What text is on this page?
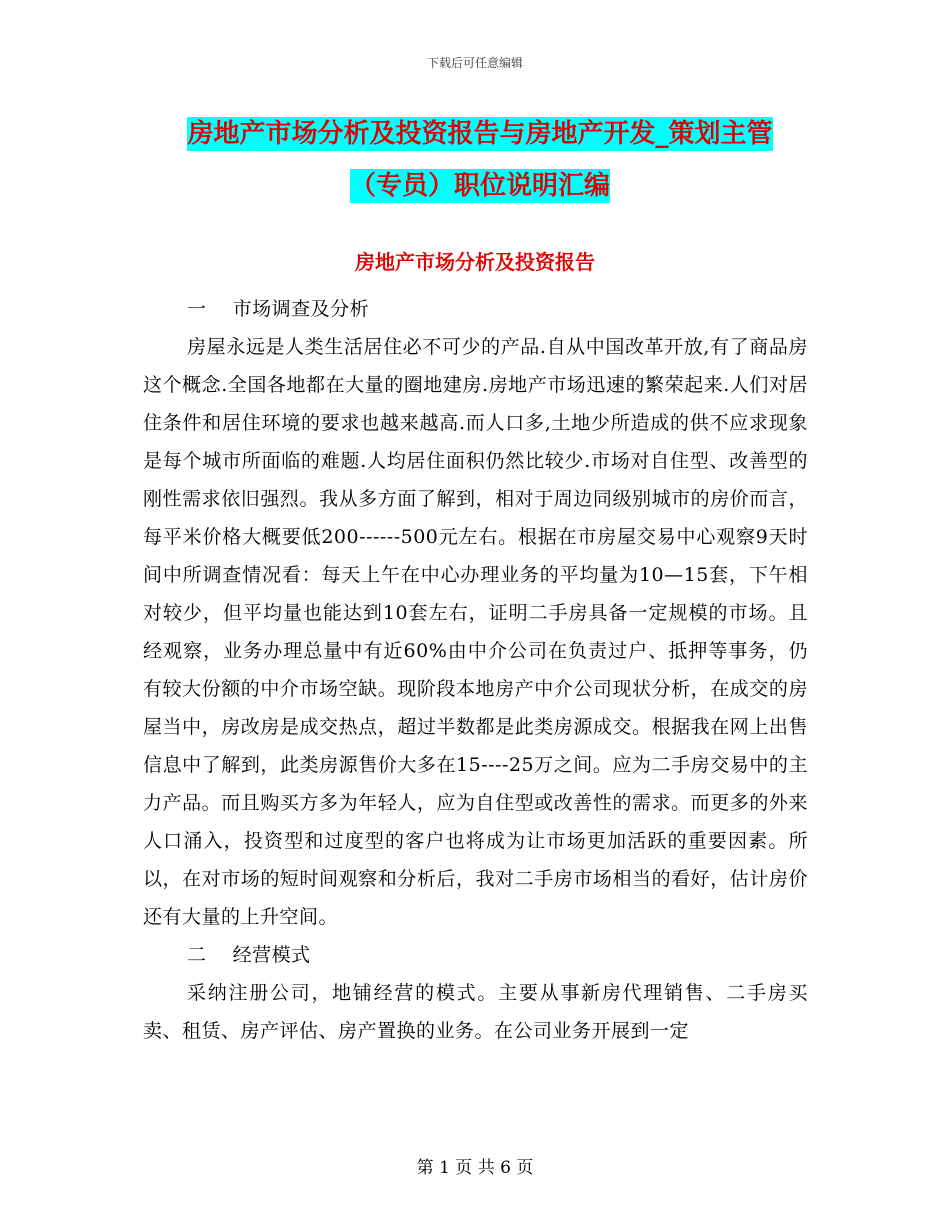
下载后可任意编辑
房地产市场分析及投资报告与房地产开发_策划主管
（专员）职位说明汇编
房地产市场分析及投资报告
一    市场调查及分析

房屋永远是人类生活居住必不可少的产品.自从中国改革开放,有了商品房这个概念.全国各地都在大量的圈地建房.房地产市场迅速的繁荣起来.人们对居住条件和居住环境的要求也越来越高.而人口多,土地少所造成的供不应求现象是每个城市所面临的难题.人均居住面积仍然比较少.市场对自住型、改善型的刚性需求依旧强烈。我从多方面了解到，相对于周边同级别城市的房价而言，每平米价格大概要低200------500元左右。根据在市房屋交易中心观察9天时间中所调查情况看：每天上午在中心办理业务的平均量为10—15套，下午相对较少，但平均量也能达到10套左右，证明二手房具备一定规模的市场。且经观察，业务办理总量中有近60%由中介公司在负责过户、抵押等事务，仍有较大份额的中介市场空缺。现阶段本地房产中介公司现状分析，在成交的房屋当中，房改房是成交热点，超过半数都是此类房源成交。根据我在网上出售信息中了解到，此类房源售价大多在15----25万之间。应为二手房交易中的主力产品。而且购买方多为年轻人，应为自住型或改善性的需求。而更多的外来人口涌入，投资型和过度型的客户也将成为让市场更加活跃的重要因素。所以，在对市场的短时间观察和分析后，我对二手房市场相当的看好，估计房价还有大量的上升空间。

二    经营模式

采纳注册公司，地铺经营的模式。主要从事新房代理销售、二手房买卖、租赁、房产评估、房产置换的业务。在公司业务开展到一定

第 1 页 共 6 页
